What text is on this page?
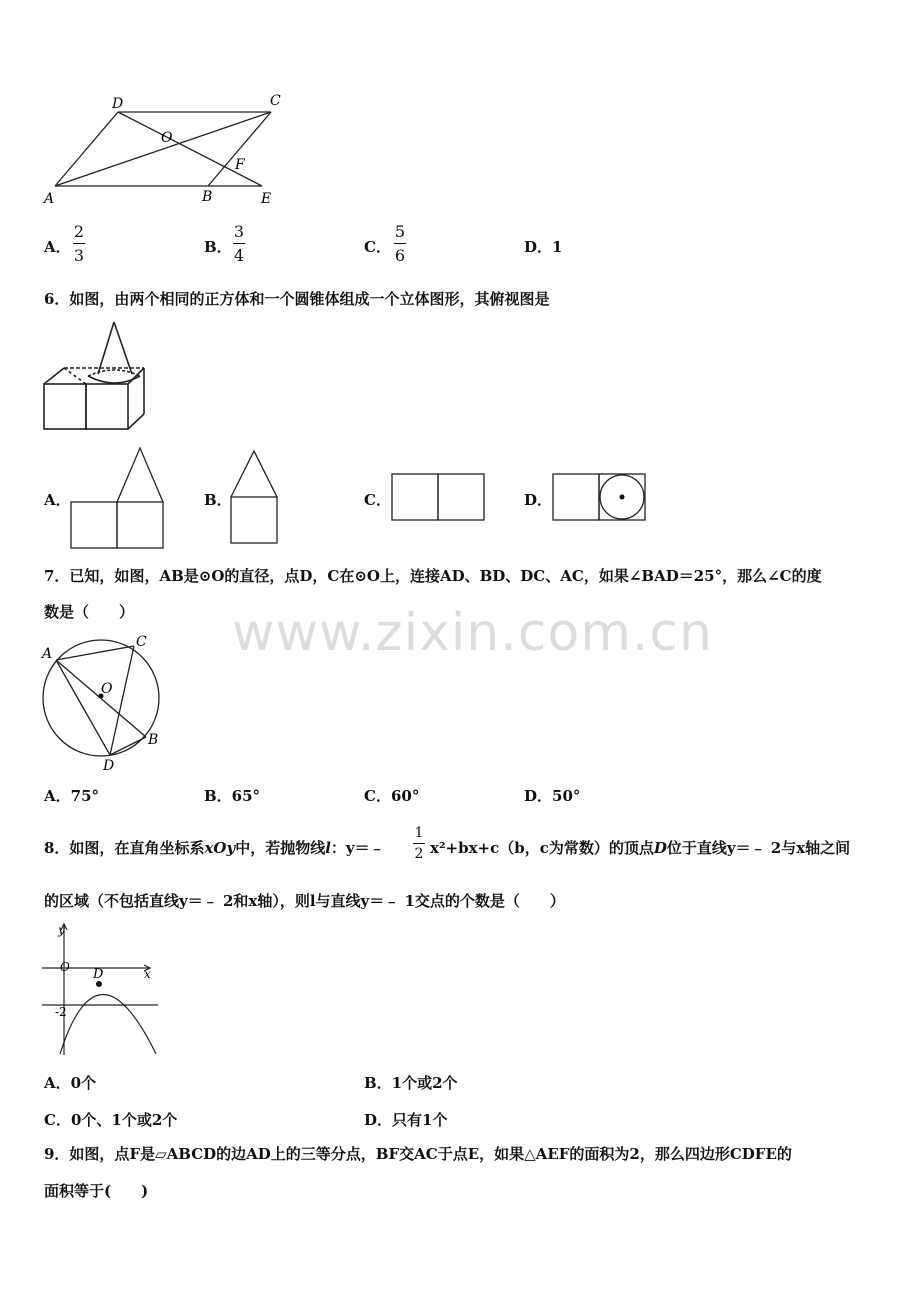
D	C
O
F
A	B	E
A．
2
3	B．
3
4	C．
5
6	D．1
6．如图，由两个相同的正方体和一个圆锥体组成一个立体图形，其俯视图是
A．	B．	C．	D．
7．已知，如图，AB是⊙O的直径，点D，C在⊙O上，连接AD、BD、DC、AC，如果∠BAD＝25°，那么∠C的度
数是（　　） www.zixin.com.cn
A
C
O
B
D
A．75°	B．65°	C．60°	D．50°
8．如图，在直角坐标系xOy中，若抛物线l：y＝﹣
1
2 x²+bx+c（b，c为常数）的顶点D位于直线y＝﹣ 2与x轴之间
的区域（不包括直线y＝﹣ 2和x轴），则l与直线y＝﹣ 1交点的个数是（　　）
y
x
O D
-2
A．0个	B．1个或2个
C．0个、1个或2个	D．只有1个
9．如图，点F是▱ABCD的边AD上的三等分点，BF交AC于点E，如果△AEF的面积为2，那么四边形CDFE的
面积等于(　　)
